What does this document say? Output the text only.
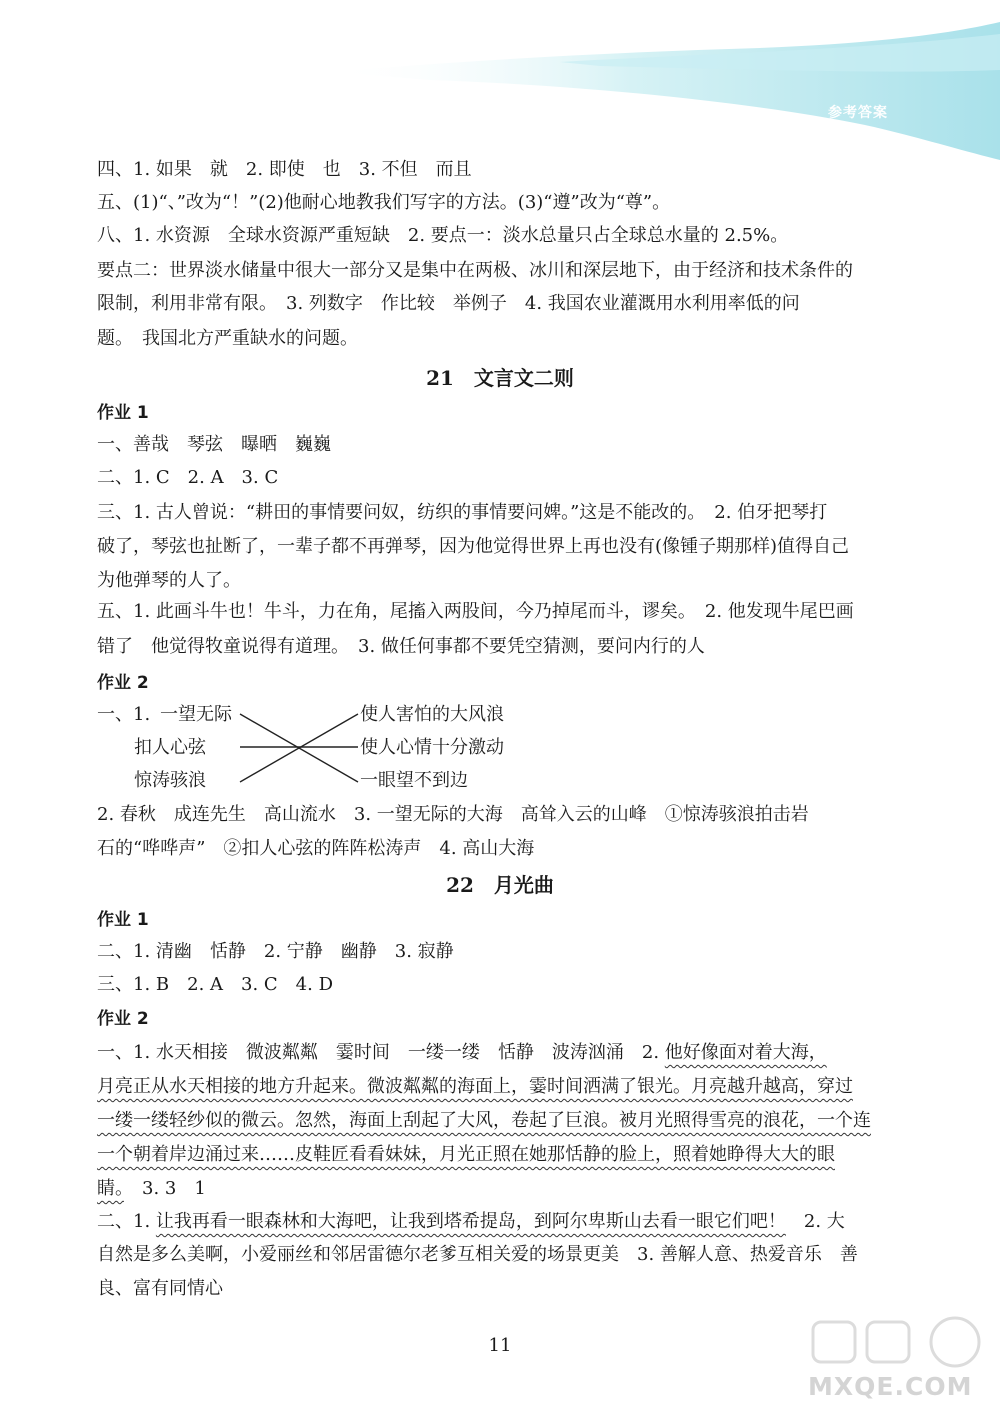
参考答案
四、1. 如果　就　2. 即使　也　3. 不但　而且
五、(1)“、”改为“！”(2)他耐心地教我们写字的方法。(3)“遵”改为“尊”。
八、1. 水资源　全球水资源严重短缺　2. 要点一：淡水总量只占全球总水量的 2.5%。
要点二：世界淡水储量中很大一部分又是集中在两极、冰川和深层地下，由于经济和技术条件的
限制，利用非常有限。　3. 列数字　作比较　举例子　4. 我国农业灌溉用水利用率低的问
题。　我国北方严重缺水的问题。
21　文言文二则
作业 1
一、善哉　琴弦　曝晒　巍巍
二、1. C　2. A　3. C
三、1. 古人曾说：“耕田的事情要问奴，纺织的事情要问婢。”这是不能改的。　2. 伯牙把琴打
破了，琴弦也扯断了，一辈子都不再弹琴，因为他觉得世界上再也没有(像锺子期那样)值得自己
为他弹琴的人了。
五、1. 此画斗牛也！牛斗，力在角，尾搐入两股间，今乃掉尾而斗，谬矣。　2. 他发现牛尾巴画
错了　他觉得牧童说得有道理。　3. 做任何事都不要凭空猜测，要问内行的人
作业 2
一、1. 一望无际
扣人心弦
惊涛骇浪
使人害怕的大风浪
使人心情十分激动
一眼望不到边
2. 春秋　成连先生　高山流水　3. 一望无际的大海　高耸入云的山峰　①惊涛骇浪拍击岩
石的“哗哗声”　②扣人心弦的阵阵松涛声　4. 高山大海
22　月光曲
作业 1
二、1. 清幽　恬静　2. 宁静　幽静　3. 寂静
三、1. B　2. A　3. C　4. D
作业 2
一、1. 水天相接　微波粼粼　霎时间　一缕一缕　恬静　波涛汹涌　2. 他好像面对着大海，
月亮正从水天相接的地方升起来。微波粼粼的海面上，霎时间洒满了银光。月亮越升越高，穿过
一缕一缕轻纱似的微云。忽然，海面上刮起了大风，卷起了巨浪。被月光照得雪亮的浪花，一个连
一个朝着岸边涌过来……皮鞋匠看看妹妹，月光正照在她那恬静的脸上，照着她睁得大大的眼
睛。　3. 3　1
二、1. 让我再看一眼森林和大海吧，让我到塔希提岛，到阿尔卑斯山去看一眼它们吧！　2. 大
自然是多么美啊，小爱丽丝和邻居雷德尔老爹互相关爱的场景更美　3. 善解人意、热爱音乐　善
良、富有同情心
11
MXQE.COM
